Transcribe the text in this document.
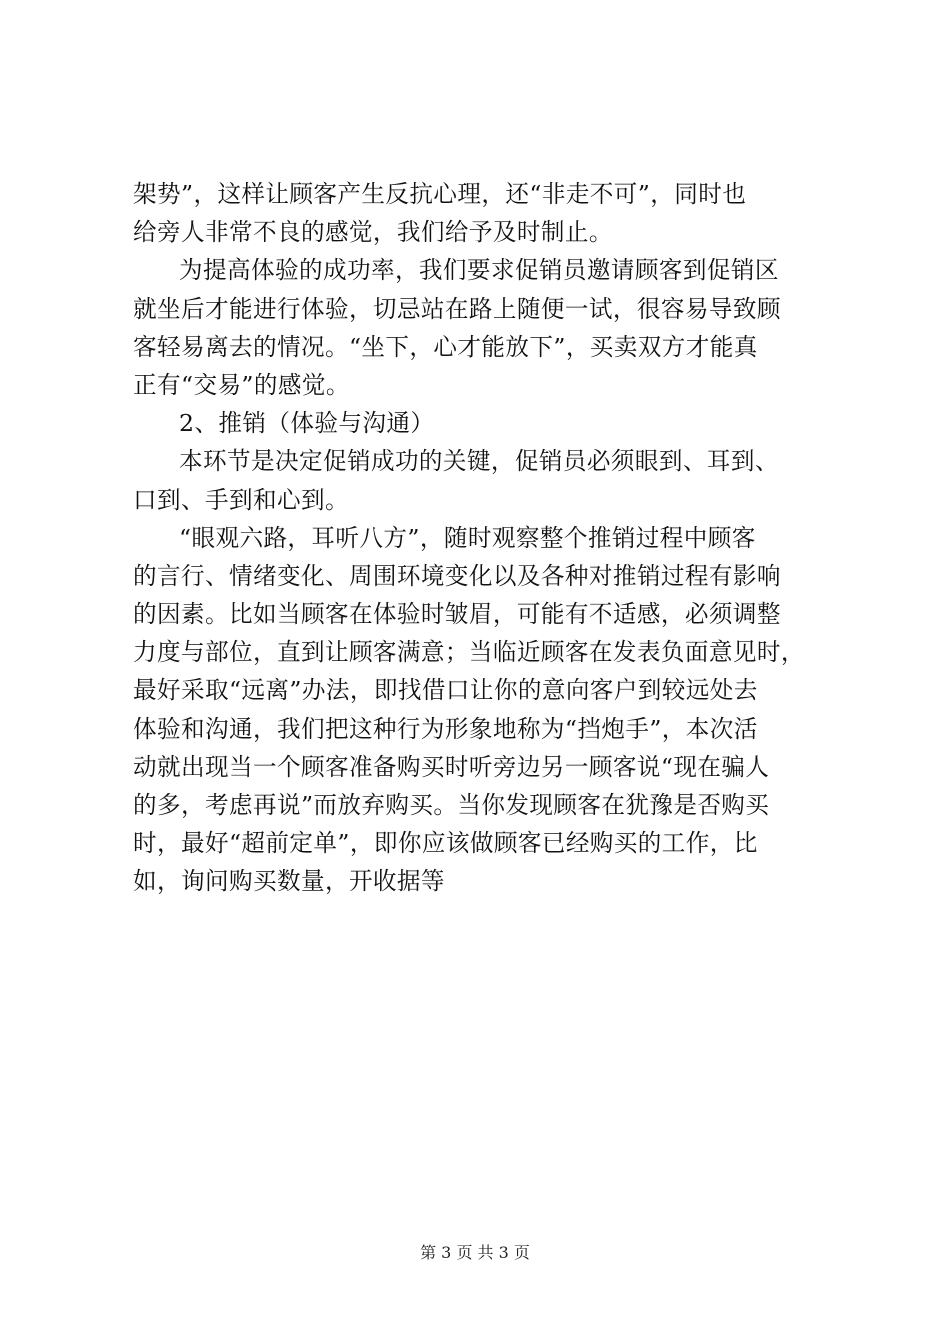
架势”，这样让顾客产生反抗心理，还“非走不可”，同时也
给旁人非常不良的感觉，我们给予及时制止。
为提高体验的成功率，我们要求促销员邀请顾客到促销区
就坐后才能进行体验，切忌站在路上随便一试，很容易导致顾
客轻易离去的情况。“坐下，心才能放下”，买卖双方才能真
正有“交易”的感觉。
2、推销（体验与沟通）
本环节是决定促销成功的关键，促销员必须眼到、耳到、
口到、手到和心到。
“眼观六路，耳听八方”，随时观察整个推销过程中顾客
的言行、情绪变化、周围环境变化以及各种对推销过程有影响
的因素。比如当顾客在体验时皱眉，可能有不适感，必须调整
力度与部位，直到让顾客满意；当临近顾客在发表负面意见时，
最好采取“远离”办法，即找借口让你的意向客户到较远处去
体验和沟通，我们把这种行为形象地称为“挡炮手”，本次活
动就出现当一个顾客准备购买时听旁边另一顾客说“现在骗人
的多，考虑再说”而放弃购买。当你发现顾客在犹豫是否购买
时，最好“超前定单”，即你应该做顾客已经购买的工作，比
如，询问购买数量，开收据等
第 3 页 共 3 页
